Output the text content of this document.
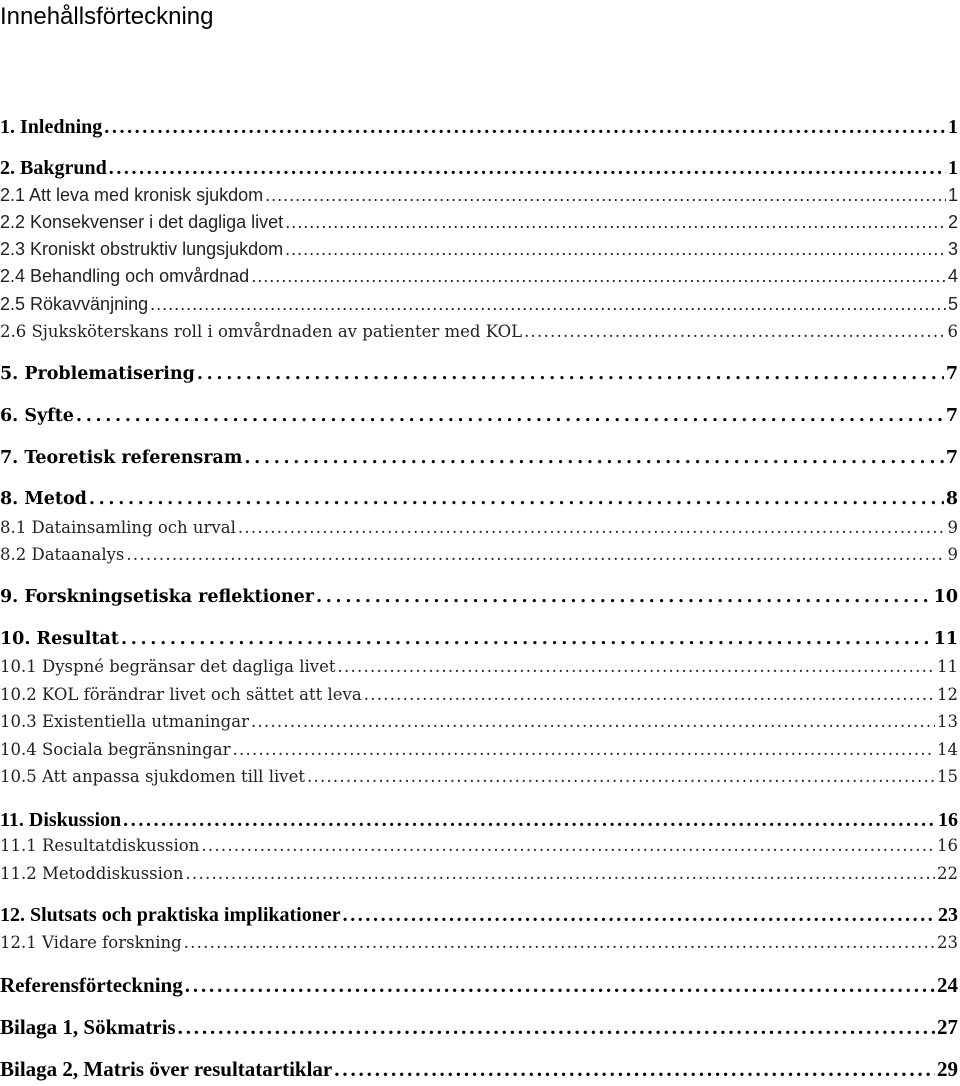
Innehållsförteckning
1. Inledning . . .	1
2. Bakgrund . . .	1
2.1 Att leva med kronisk sjukdom . . .	1
2.2 Konsekvenser i det dagliga livet . . .	2
2.3 Kroniskt obstruktiv lungsjukdom . . .	3
2.4 Behandling och omvårdnad . . .	4
2.5 Rökavvänjning . . .	5
2.6 Sjuksköterskans roll i omvårdnaden av patienter med KOL . . .	6
5. Problematisering . . .	7
6. Syfte . . .	7
7. Teoretisk referensram . . .	7
8. Metod . . .	8
8.1 Datainsamling och urval . . .	9
8.2 Dataanalys . . .	9
9. Forskningsetiska reflektioner . . .	10
10. Resultat . . .	11
10.1 Dyspné begränsar det dagliga livet . . .	11
10.2 KOL förändrar livet och sättet att leva . . .	12
10.3 Existentiella utmaningar . . .	13
10.4 Sociala begränsningar . . .	14
10.5 Att anpassa sjukdomen till livet . . .	15
11. Diskussion . . .	16
11.1 Resultatdiskussion . . .	16
11.2 Metoddiskussion . . .	22
12. Slutsats och praktiska implikationer . . .	23
12.1 Vidare forskning . . .	23
Referensförteckning . . .	24
Bilaga 1, Sökmatris . . .	27
Bilaga 2, Matris över resultatartiklar . . .	29
